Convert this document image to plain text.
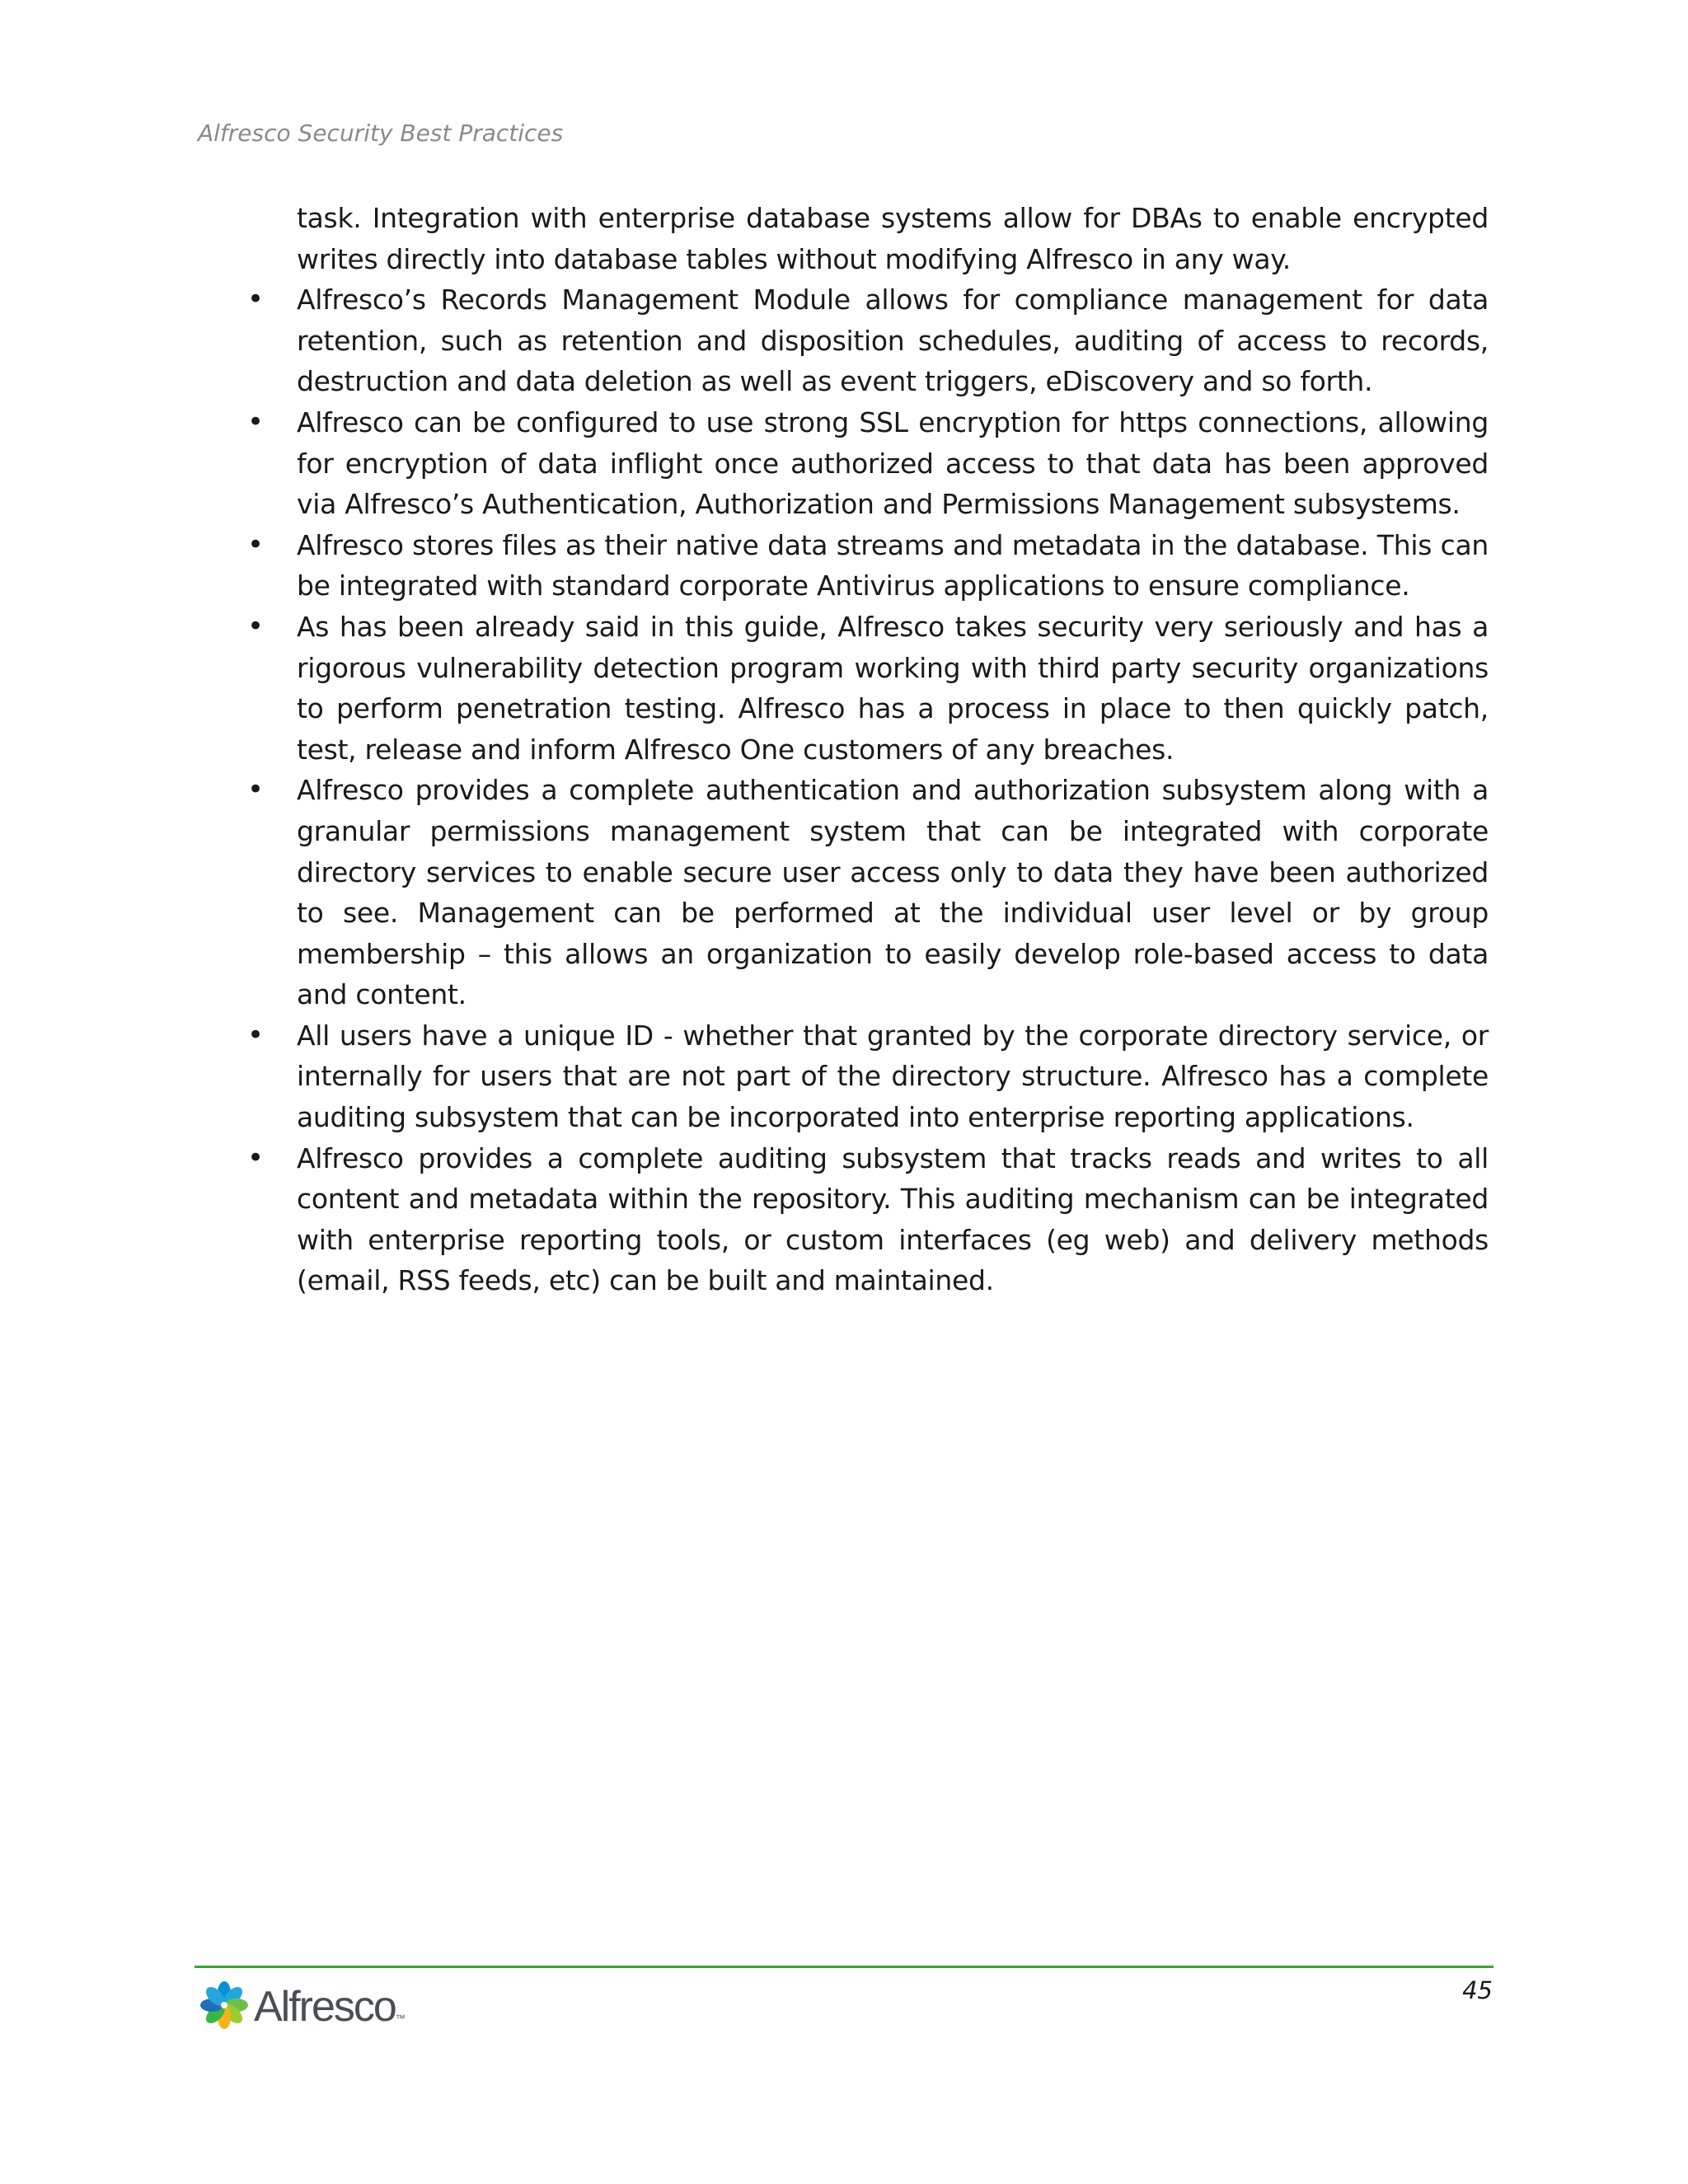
Alfresco Security Best Practices

task. Integration with enterprise database systems allow for DBAs to enable encrypted writes directly into database tables without modifying Alfresco in any way.

• Alfresco’s Records Management Module allows for compliance management for data retention, such as retention and disposition schedules, auditing of access to records, destruction and data deletion as well as event triggers, eDiscovery and so forth.
• Alfresco can be configured to use strong SSL encryption for https connections, allowing for encryption of data inflight once authorized access to that data has been approved via Alfresco’s Authentication, Authorization and Permissions Management subsystems.
• Alfresco stores files as their native data streams and metadata in the database. This can be integrated with standard corporate Antivirus applications to ensure compliance.
• As has been already said in this guide, Alfresco takes security very seriously and has a rigorous vulnerability detection program working with third party security organizations to perform penetration testing. Alfresco has a process in place to then quickly patch, test, release and inform Alfresco One customers of any breaches.
• Alfresco provides a complete authentication and authorization subsystem along with a granular permissions management system that can be integrated with corporate directory services to enable secure user access only to data they have been authorized to see. Management can be performed at the individual user level or by group membership – this allows an organization to easily develop role-based access to data and content.
• All users have a unique ID - whether that granted by the corporate directory service, or internally for users that are not part of the directory structure. Alfresco has a complete auditing subsystem that can be incorporated into enterprise reporting applications.
• Alfresco provides a complete auditing subsystem that tracks reads and writes to all content and metadata within the repository. This auditing mechanism can be integrated with enterprise reporting tools, or custom interfaces (eg web) and delivery methods (email, RSS feeds, etc) can be built and maintained.
Alfresco ™
45
